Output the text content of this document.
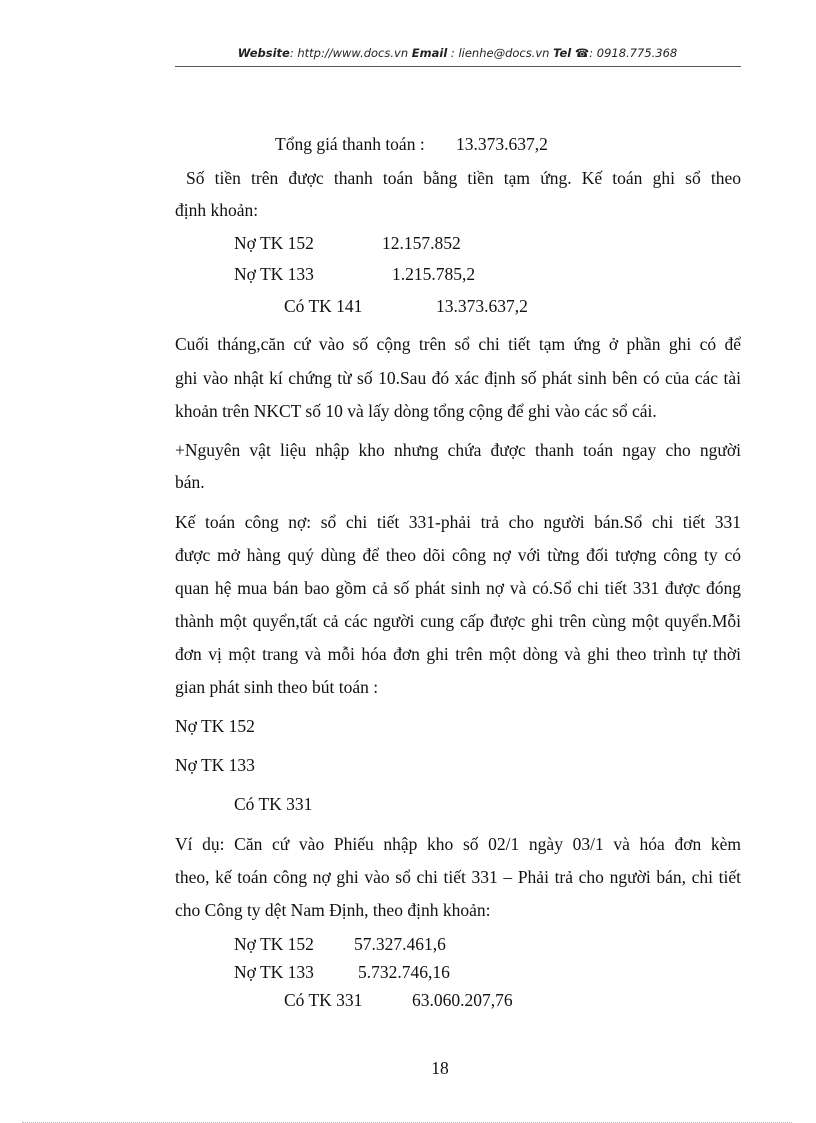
Website: http://www.docs.vn Email : lienhe@docs.vn Tel ☎: 0918.775.368
Tổng giá thanh toán : 13.373.637,2
Số tiền trên được thanh toán bằng tiền tạm ứng. Kế toán ghi sổ theo
định khoản:
Nợ TK 152	12.157.852
Nợ TK 133	1.215.785,2
Có TK 141	13.373.637,2
Cuối tháng,căn cứ vào số cộng trên sổ chi tiết tạm ứng ở phần ghi có để
ghi vào nhật kí chứng từ số 10.Sau đó xác định số phát sinh bên có của các tài
khoản trên NKCT số 10 và lấy dòng tổng cộng để ghi vào các sổ cái.
+Nguyên vật liệu nhập kho nhưng chứa được thanh toán ngay cho người
bán.
Kế toán công nợ: sổ chi tiết 331-phải trả cho người bán.Sổ chi tiết 331
được mở hàng quý dùng để theo dõi công nợ với từng đối tượng công ty có
quan hệ mua bán bao gồm cả số phát sinh nợ và có.Sổ chi tiết 331 được đóng
thành một quyển,tất cả các người cung cấp được ghi trên cùng một quyển.Mỗi
đơn vị một trang và mỗi hóa đơn ghi trên một dòng và ghi theo trình tự thời
gian phát sinh theo bút toán :
Nợ TK 152
Nợ TK 133
Có TK 331
Ví dụ: Căn cứ vào Phiếu nhập kho số 02/1 ngày 03/1 và hóa đơn kèm
theo, kế toán công nợ ghi vào sổ chi tiết 331 – Phải trả cho người bán, chi tiết
cho Công ty dệt Nam Định, theo định khoản:
Nợ TK 152 57.327.461,6
Nợ TK 133	5.732.746,16
Có TK 331	63.060.207,76
18
